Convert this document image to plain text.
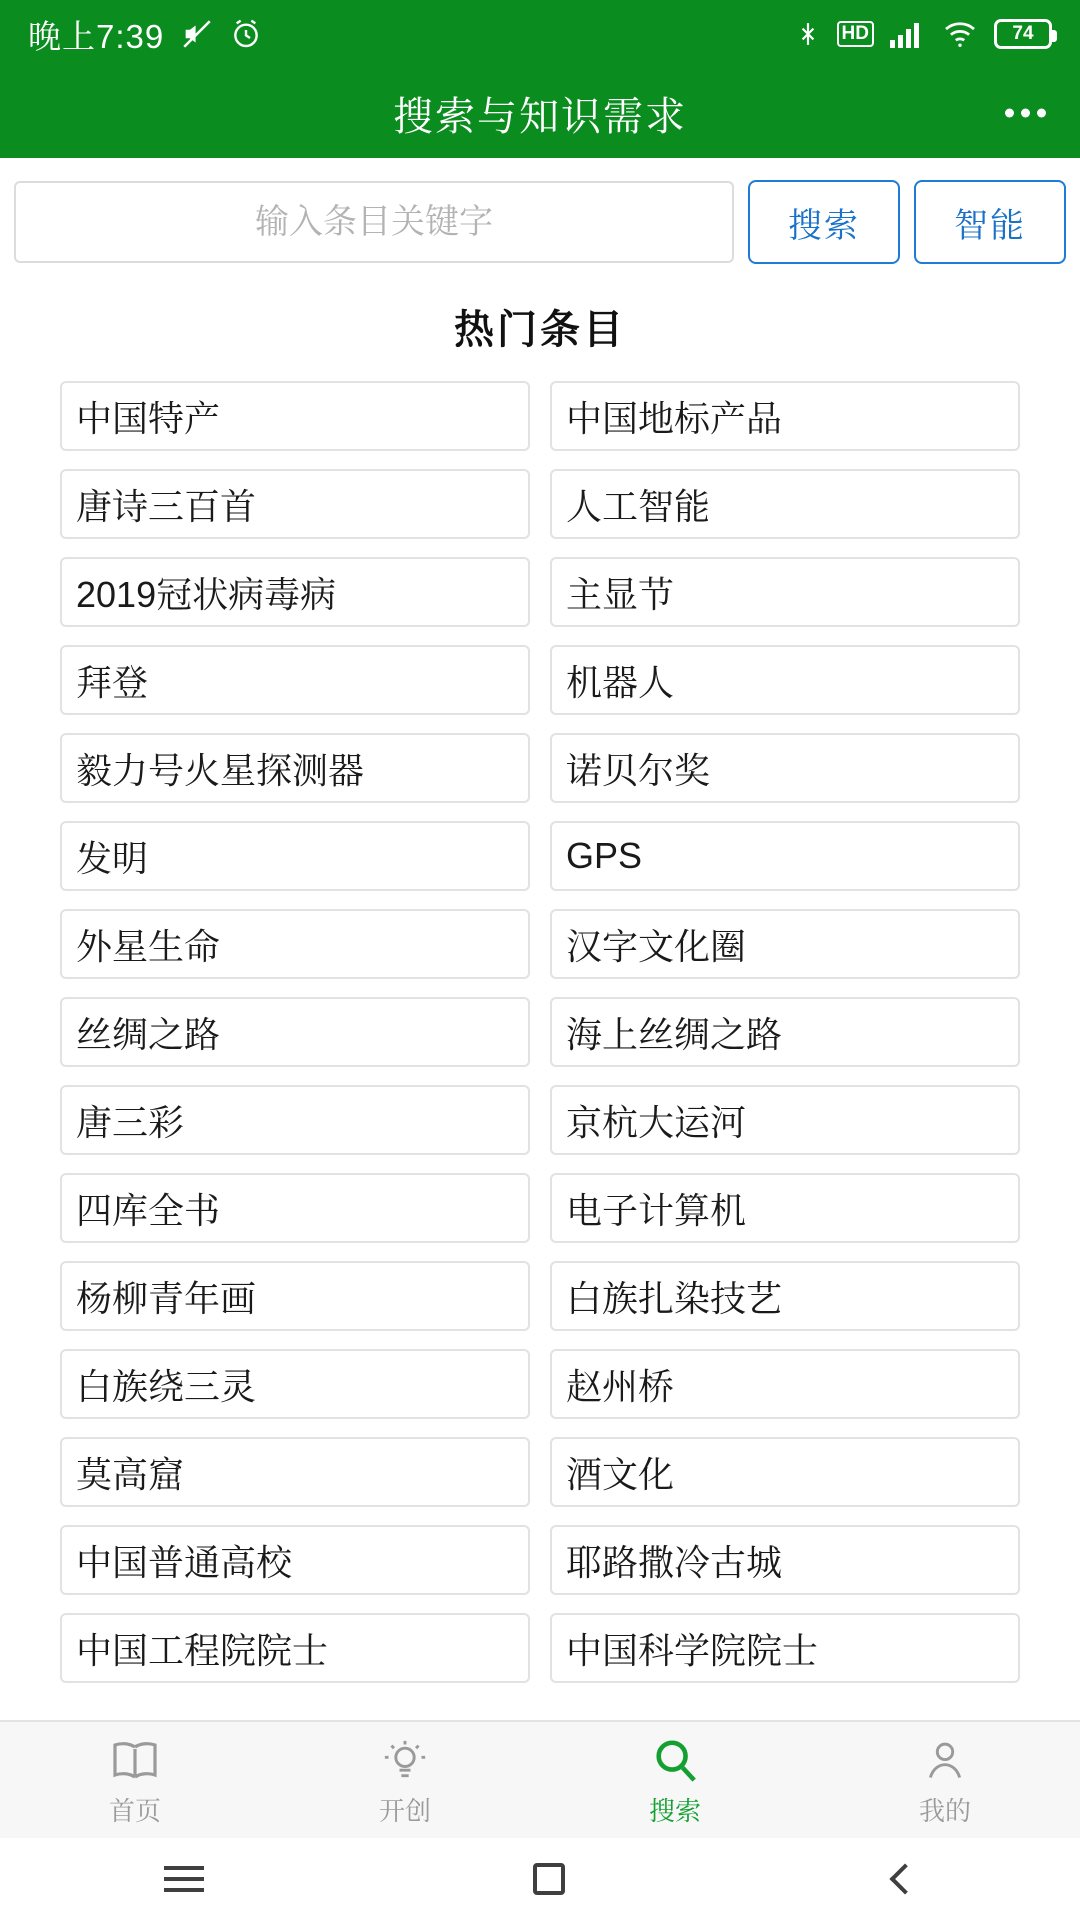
晚上7:39	HD	74
搜索与知识需求
输入条目关键字
搜索	智能
热门条目
中国特产	中国地标产品
唐诗三百首	人工智能
2019冠状病毒病	主显节
拜登	机器人
毅力号火星探测器	诺贝尔奖
发明	GPS
外星生命	汉字文化圈
丝绸之路	海上丝绸之路
唐三彩	京杭大运河
四库全书	电子计算机
杨柳青年画	白族扎染技艺
白族绕三灵	赵州桥
莫高窟	酒文化
中国普通高校	耶路撒冷古城
中国工程院院士	中国科学院院士
首页	开创	搜索	我的
